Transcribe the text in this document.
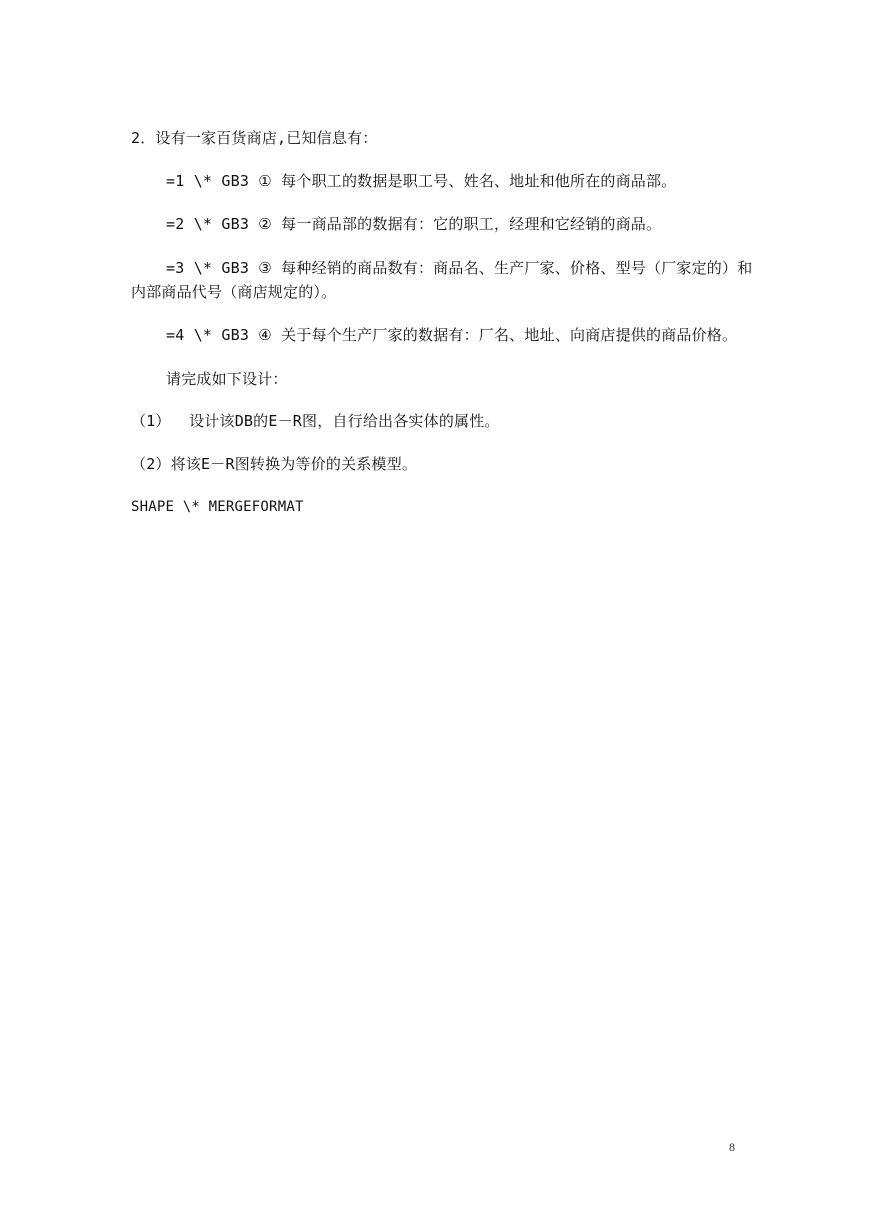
2．设有一家百货商店,已知信息有：
=1 \* GB3 ① 每个职工的数据是职工号、姓名、地址和他所在的商品部。
=2 \* GB3 ② 每一商品部的数据有：它的职工，经理和它经销的商品。
=3 \* GB3 ③ 每种经销的商品数有：商品名、生产厂家、价格、型号（厂家定的）和
内部商品代号（商店规定的）。
=4 \* GB3 ④ 关于每个生产厂家的数据有：厂名、地址、向商店提供的商品价格。
请完成如下设计：
（1）  设计该DB的E－R图，自行给出各实体的属性。
（2）将该E－R图转换为等价的关系模型。
SHAPE \* MERGEFORMAT
8
